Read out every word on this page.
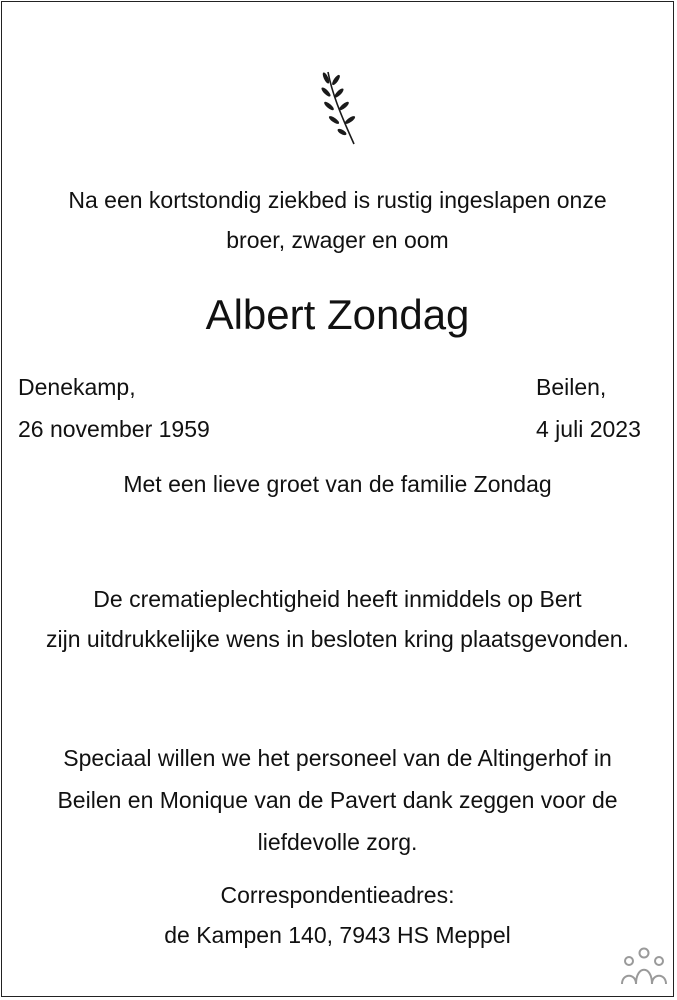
Na een kortstondig ziekbed is rustig ingeslapen onze
broer, zwager en oom
Albert Zondag
Denekamp,
26 november 1959
Beilen,
4 juli 2023
Met een lieve groet van de familie Zondag
De crematieplechtigheid heeft inmiddels op Bert
zijn uitdrukkelijke wens in besloten kring plaatsgevonden.
Speciaal willen we het personeel van de Altingerhof in
Beilen en Monique van de Pavert dank zeggen voor de
liefdevolle zorg.
Correspondentieadres:
de Kampen 140, 7943 HS Meppel
